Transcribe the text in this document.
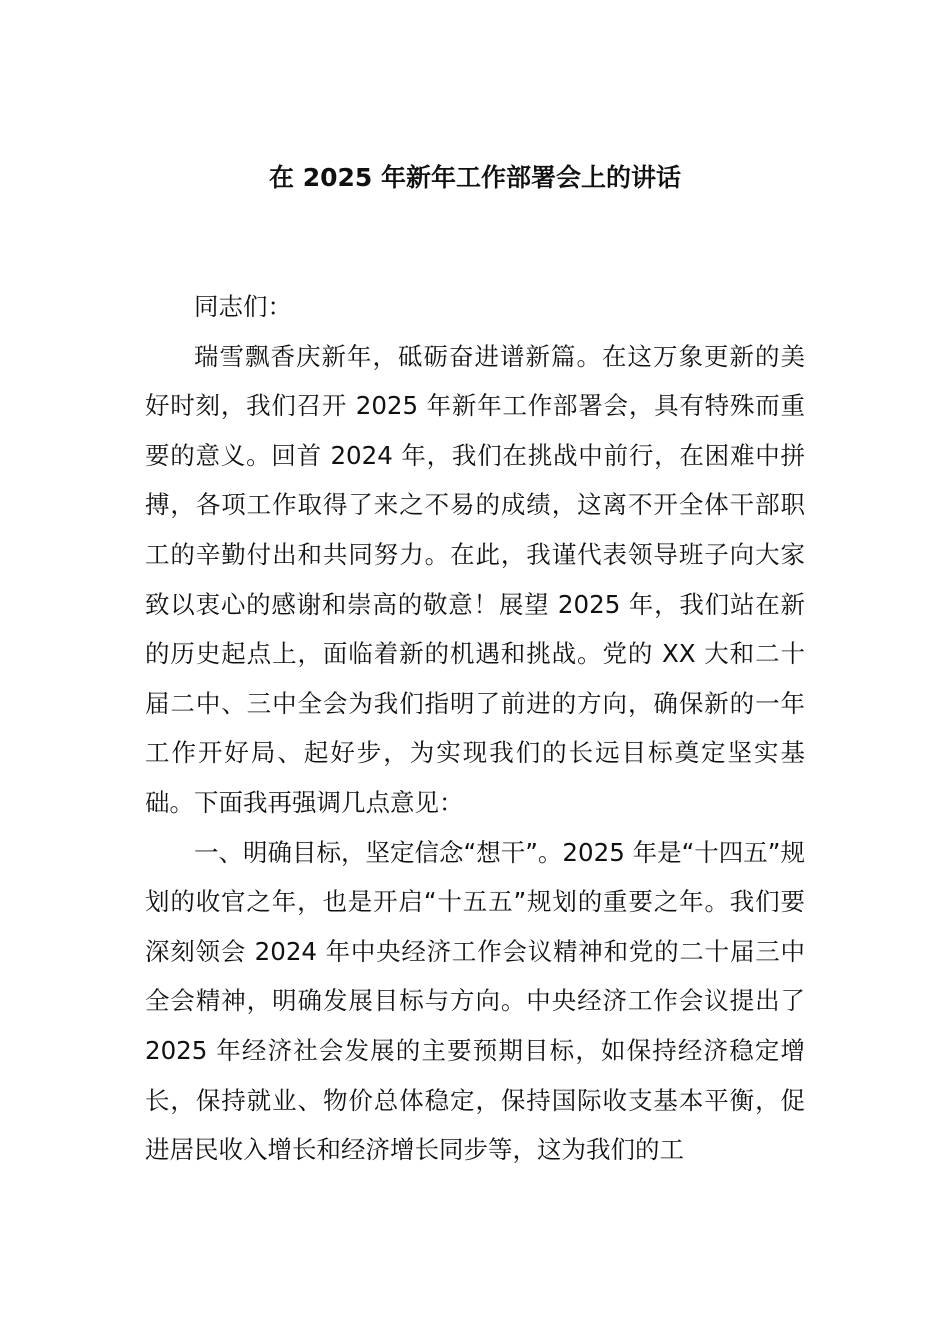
在 2025 年新年工作部署会上的讲话

同志们：

瑞雪飘香庆新年，砥砺奋进谱新篇。在这万象更新的美好时刻，我们召开 2025 年新年工作部署会，具有特殊而重要的意义。回首 2024 年，我们在挑战中前行，在困难中拼搏，各项工作取得了来之不易的成绩，这离不开全体干部职工的辛勤付出和共同努力。在此，我谨代表领导班子向大家致以衷心的感谢和崇高的敬意！展望 2025 年，我们站在新的历史起点上，面临着新的机遇和挑战。党的 XX 大和二十届二中、三中全会为我们指明了前进的方向，确保新的一年工作开好局、起好步，为实现我们的长远目标奠定坚实基础。下面我再强调几点意见：

一、明确目标，坚定信念“想干”。2025 年是“十四五”规划的收官之年，也是开启“十五五”规划的重要之年。我们要深刻领会 2024 年中央经济工作会议精神和党的二十届三中全会精神，明确发展目标与方向。中央经济工作会议提出了 2025 年经济社会发展的主要预期目标，如保持经济稳定增长，保持就业、物价总体稳定，保持国际收支基本平衡，促进居民收入增长和经济增长同步等，这为我们的工
